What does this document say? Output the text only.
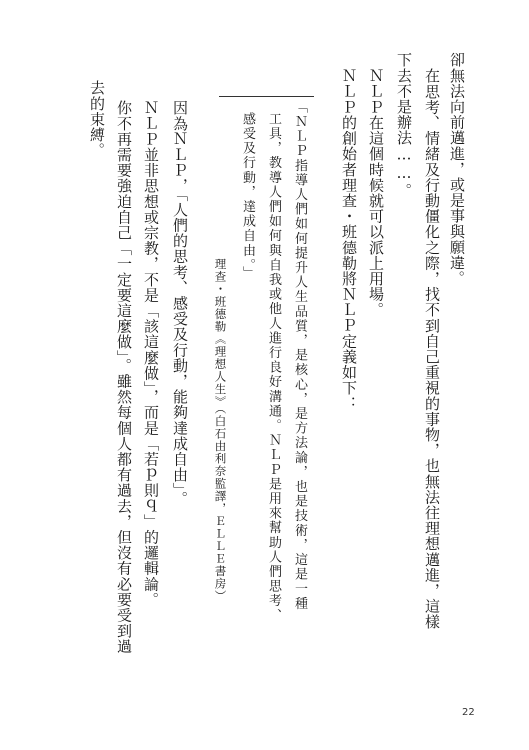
卻無法向前邁進，或是事與願違。

在思考、情緒及行動僵化之際，找不到自己重視的事物，也無法往理想邁進，這樣

下去不是辦法……。

ＮＬＰ在這個時候就可以派上用場。

ＮＬＰ的創始者理查・班德勒將ＮＬＰ定義如下：

「ＮＬＰ指導人們如何提升人生品質，是核心，是方法論，也是技術，這是一種

工具，教導人們如何與自我或他人進行良好溝通。ＮＬＰ是用來幫助人們思考、

感受及行動，達成自由。」

理查・班德勒《理想人生》（白石由利奈監譯，ＥＬＬＥ書房）

因為ＮＬＰ，「人們的思考、感受及行動，能夠達成自由」。

ＮＬＰ並非思想或宗教，不是「該這麼做」，而是「若ｐ則ｑ」的邏輯論。

你不再需要強迫自己「一定要這麼做」。雖然每個人都有過去，但沒有必要受到過

去的束縛。

22
